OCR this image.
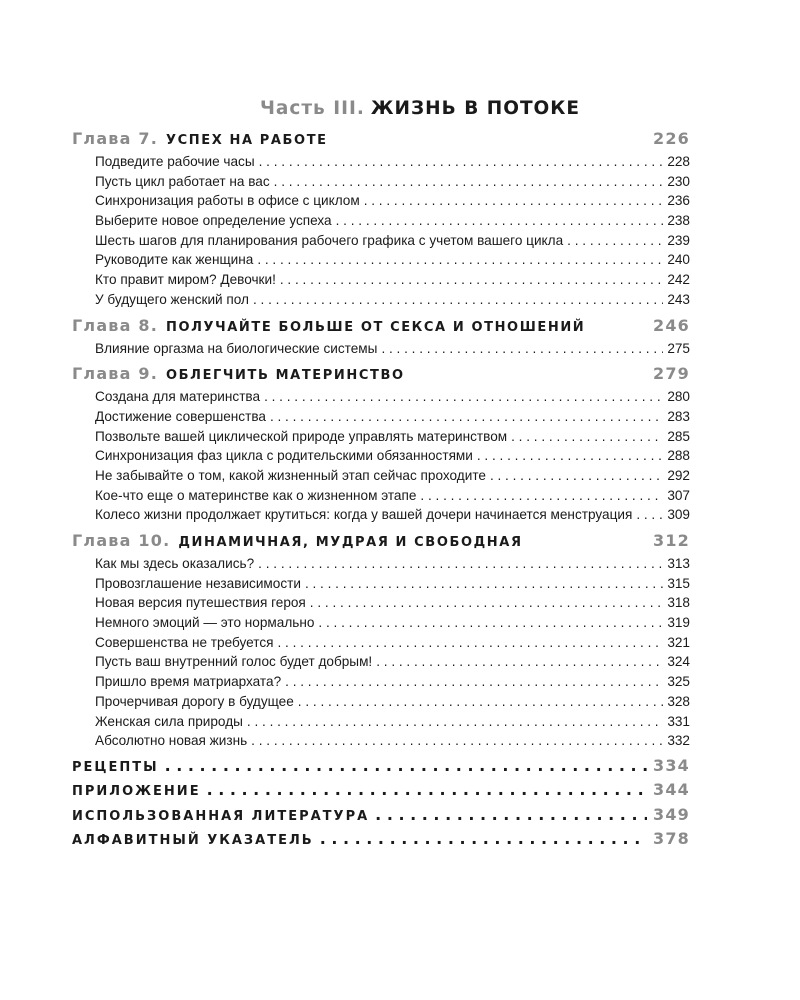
Часть III. ЖИЗНЬ В ПОТОКЕ
Глава 7. УСПЕХ НА РАБОТЕ	226
Подведите рабочие часы . . .	228
Пусть цикл работает на вас . . .	230
Синхронизация работы в офисе с циклом . . .	236
Выберите новое определение успеха . . .	238
Шесть шагов для планирования рабочего графика с учетом вашего цикла . . .	239
Руководите как женщина . . .	240
Кто правит миром? Девочки! . . .	242
У будущего женский пол . . .	243
Глава 8. ПОЛУЧАЙТЕ БОЛЬШЕ ОТ СЕКСА И ОТНОШЕНИЙ	246
Влияние оргазма на биологические системы . . .	275
Глава 9. ОБЛЕГЧИТЬ МАТЕРИНСТВО	279
Создана для материнства . . .	280
Достижение совершенства . . .	283
Позвольте вашей циклической природе управлять материнством . . .	285
Синхронизация фаз цикла с родительскими обязанностями . . .	288
Не забывайте о том, какой жизненный этап сейчас проходите . . .	292
Кое-что еще о материнстве как о жизненном этапе . . .	307
Колесо жизни продолжает крутиться: когда у вашей дочери начинается менструация . . .	309
Глава 10. ДИНАМИЧНАЯ, МУДРАЯ И СВОБОДНАЯ	312
Как мы здесь оказались? . . .	313
Провозглашение независимости . . .	315
Новая версия путешествия героя . . .	318
Немного эмоций — это нормально . . .	319
Совершенства не требуется . . .	321
Пусть ваш внутренний голос будет добрым! . . .	324
Пришло время матриархата? . . .	325
Прочерчивая дорогу в будущее . . .	328
Женская сила природы . . .	331
Абсолютно новая жизнь . . .	332
РЕЦЕПТЫ . . .	334
ПРИЛОЖЕНИЕ . . .	344
ИСПОЛЬЗОВАННАЯ ЛИТЕРАТУРА . . .	349
АЛФАВИТНЫЙ УКАЗАТЕЛЬ . . .	378
